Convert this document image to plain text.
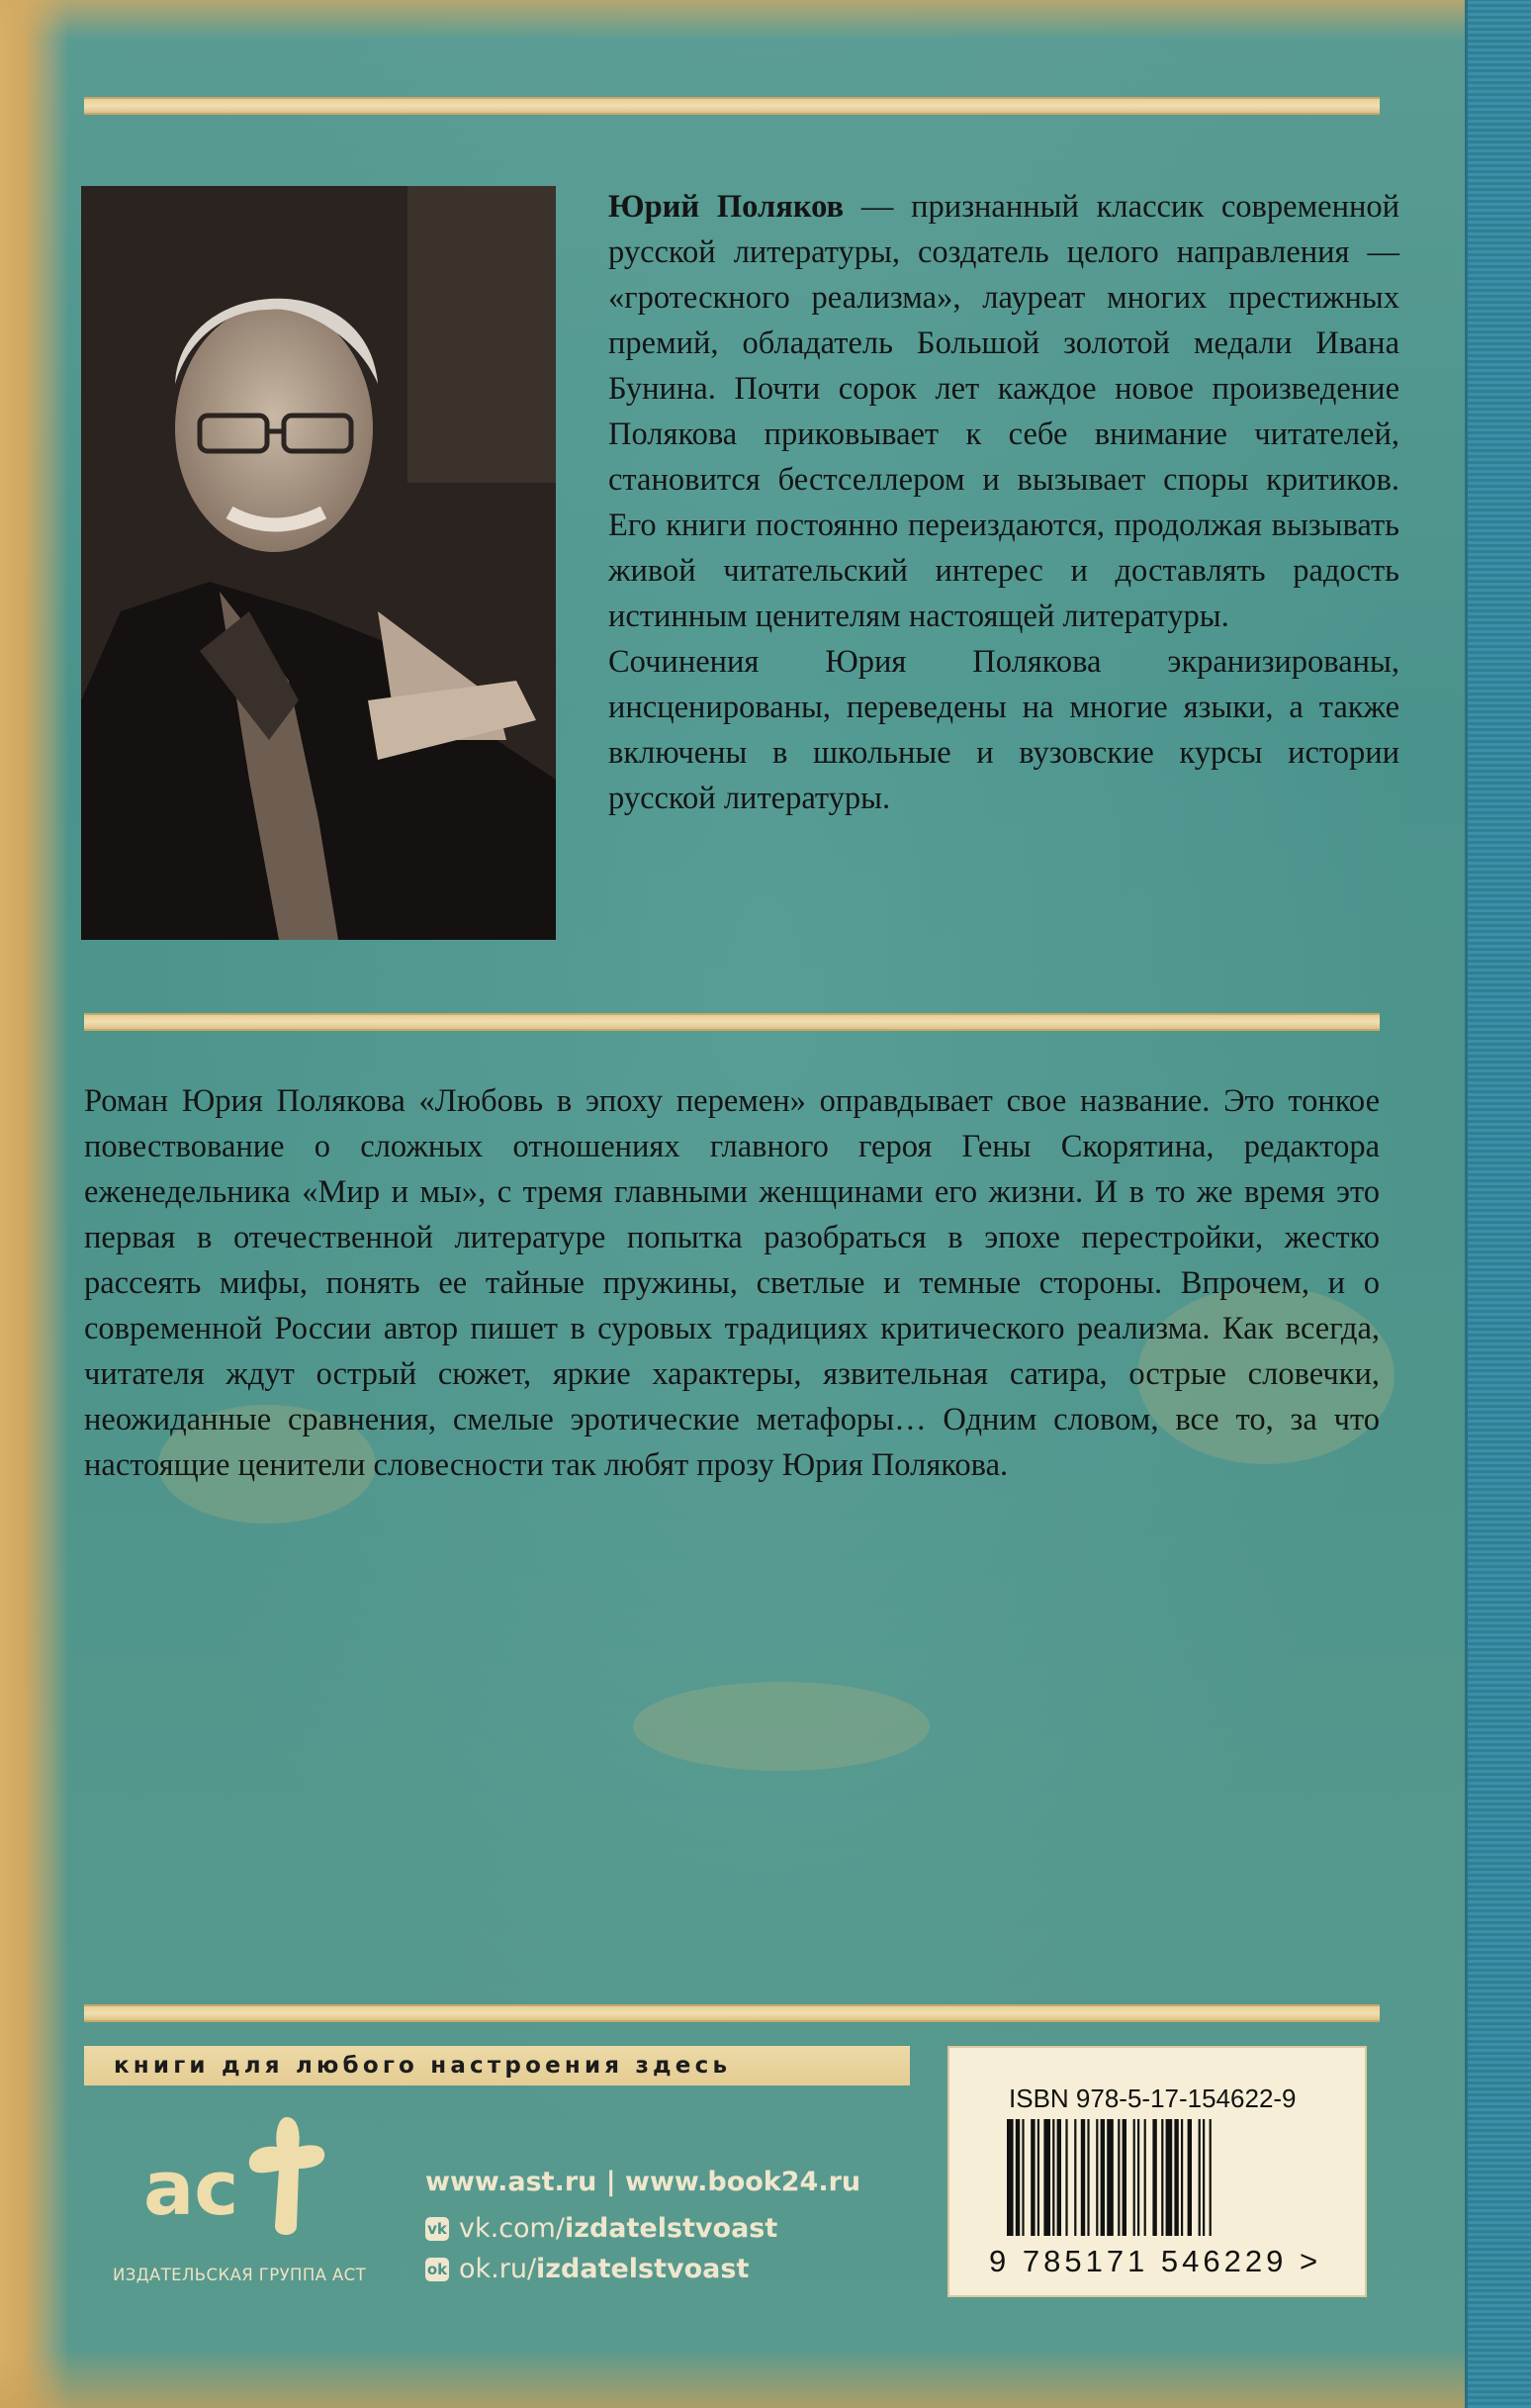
Юрий Поляков — признанный классик современной русской литературы, создатель целого направления — «гротескного реализма», лауреат многих престижных премий, обладатель Большой золотой медали Ивана Бунина. Почти сорок лет каждое новое произведение Полякова приковывает к себе внимание читателей, становится бестселлером и вызывает споры критиков. Его книги постоянно переиздаются, продолжая вызывать живой читательский интерес и доставлять радость истинным ценителям настоящей литературы.

Сочинения Юрия Полякова экранизированы, инсценированы, переведены на многие языки, а также включены в школьные и вузовские курсы истории русской литературы.

Роман Юрия Полякова «Любовь в эпоху перемен» оправдывает свое название. Это тонкое повествование о сложных отношениях главного героя Гены Скорятина, редактора еженедельника «Мир и мы», с тремя главными женщинами его жизни. И в то же время это первая в отечественной литературе попытка разобраться в эпохе перестройки, жестко рассеять мифы, понять ее тайные пружины, светлые и темные стороны. Впрочем, и о современной России автор пишет в суровых традициях критического реализма. Как всегда, читателя ждут острый сюжет, яркие характеры, язвительная сатира, острые словечки, неожиданные сравнения, смелые эротические метафоры… Одним словом, все то, за что настоящие ценители словесности так любят прозу Юрия Полякова.
книги для любого настроения здесь
ac
ИЗДАТЕЛЬСКАЯ ГРУППА АСТ
www.ast.ru | www.book24.ru
vk vk.com/ izdatelstvoast
ok ok.ru/ izdatelstvoast
ISBN 978-5-17-154622-9
9 785171 546229 >
